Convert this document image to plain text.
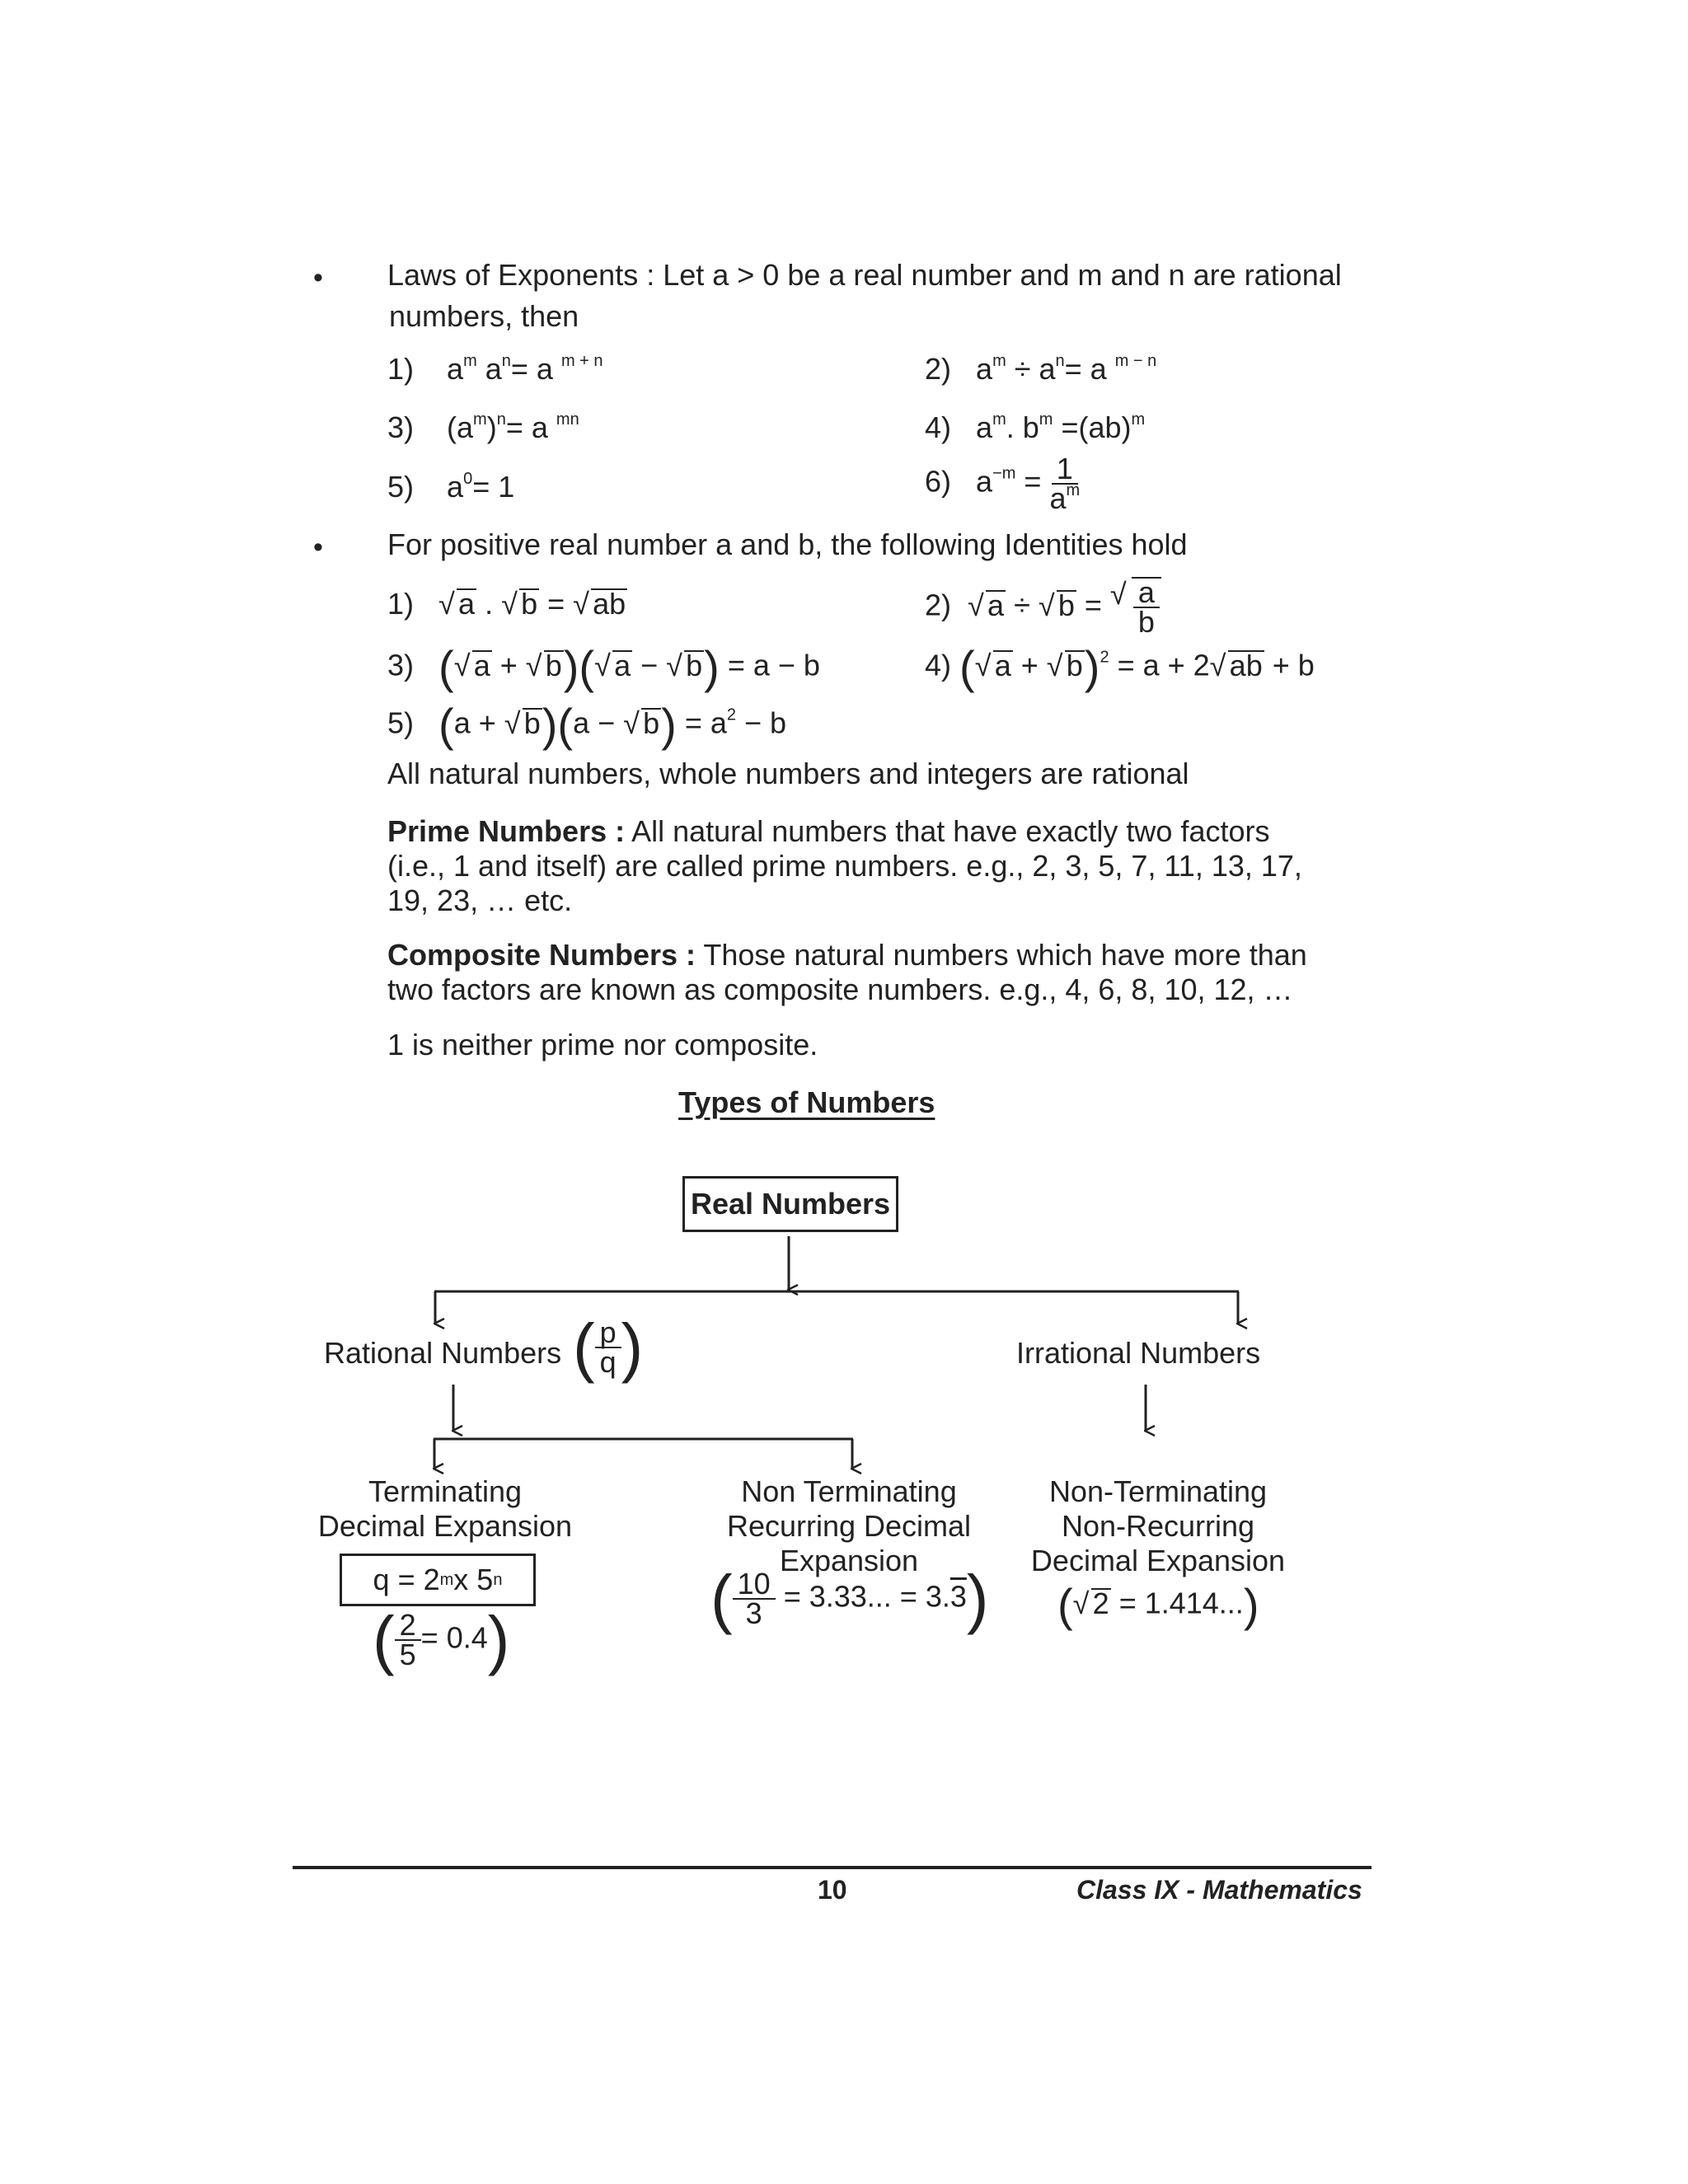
• Laws of Exponents : Let a > 0 be a real number and m and n are rational
numbers, then
1) $a^m$ $a^n= a$ $^{m + n}$	2) $a^m \div a^n= a$ $^{m - n}$
3) $(a^m)^n= a$ $^{mn}$	4) $a^m$. $b^m =(ab)^m$
5) $a^0= 1$	6) $a^{-m} = \frac{1}{a^m}$
• For positive real number a and b, the following Identities hold
1) √ a . √ b = √ ab	2) √ a ÷ √ b = √ $\frac{a}{b}$
3) ( √ a + √ b)( √ a − √ b) = a − b	4) ( √ a + √ b)$^2$ = a + 2 √ ab + b
5) (a + √ b)(a − √ $b) = a^2 - b$
All natural numbers, whole numbers and integers are rational
Prime Numbers : All natural numbers that have exactly two factors (i.e., 1 and itself) are called prime numbers. e.g., 2, 3, 5, 7, 11, 13, 17, 19, 23, … etc.
Composite Numbers : Those natural numbers which have more than two factors are known as composite numbers. e.g., 4, 6, 8, 10, 12, …
1 is neither prime nor composite.
Types of Numbers
Real Numbers
Rational Numbers ( $\frac{p}{q}$ )	Irrational Numbers
Terminating
Decimal Expansion
q = 2 m x 5 n
( $\frac{2}{5} = 0.4$)
Non Terminating
Recurring Decimal
Expansion
( $\frac{10}{3} = 3.33$... = 3.3)
Non-Terminating
Non-Recurring
Decimal Expansion
( √ 2 = 1.414...)
10	Class IX - Mathematics
